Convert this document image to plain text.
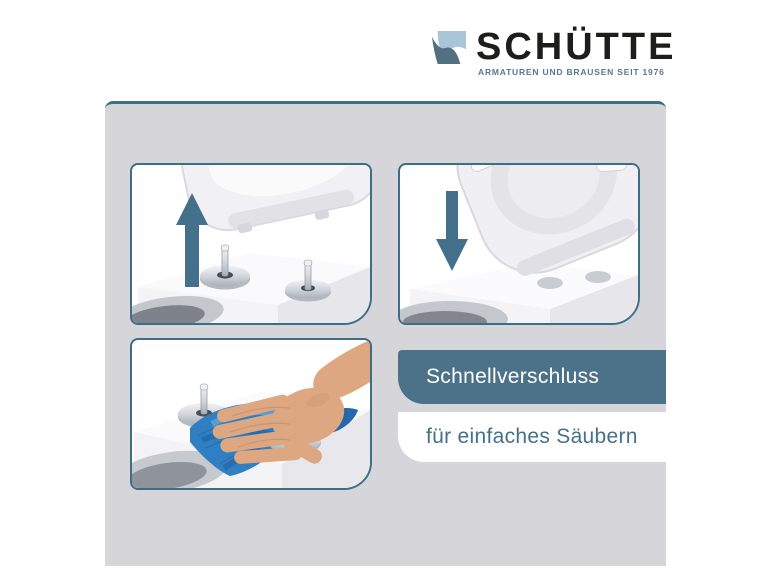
SCHÜTTE
ARMATUREN UND BRAUSEN SEIT 1976
Schnellverschluss
für einfaches Säubern
